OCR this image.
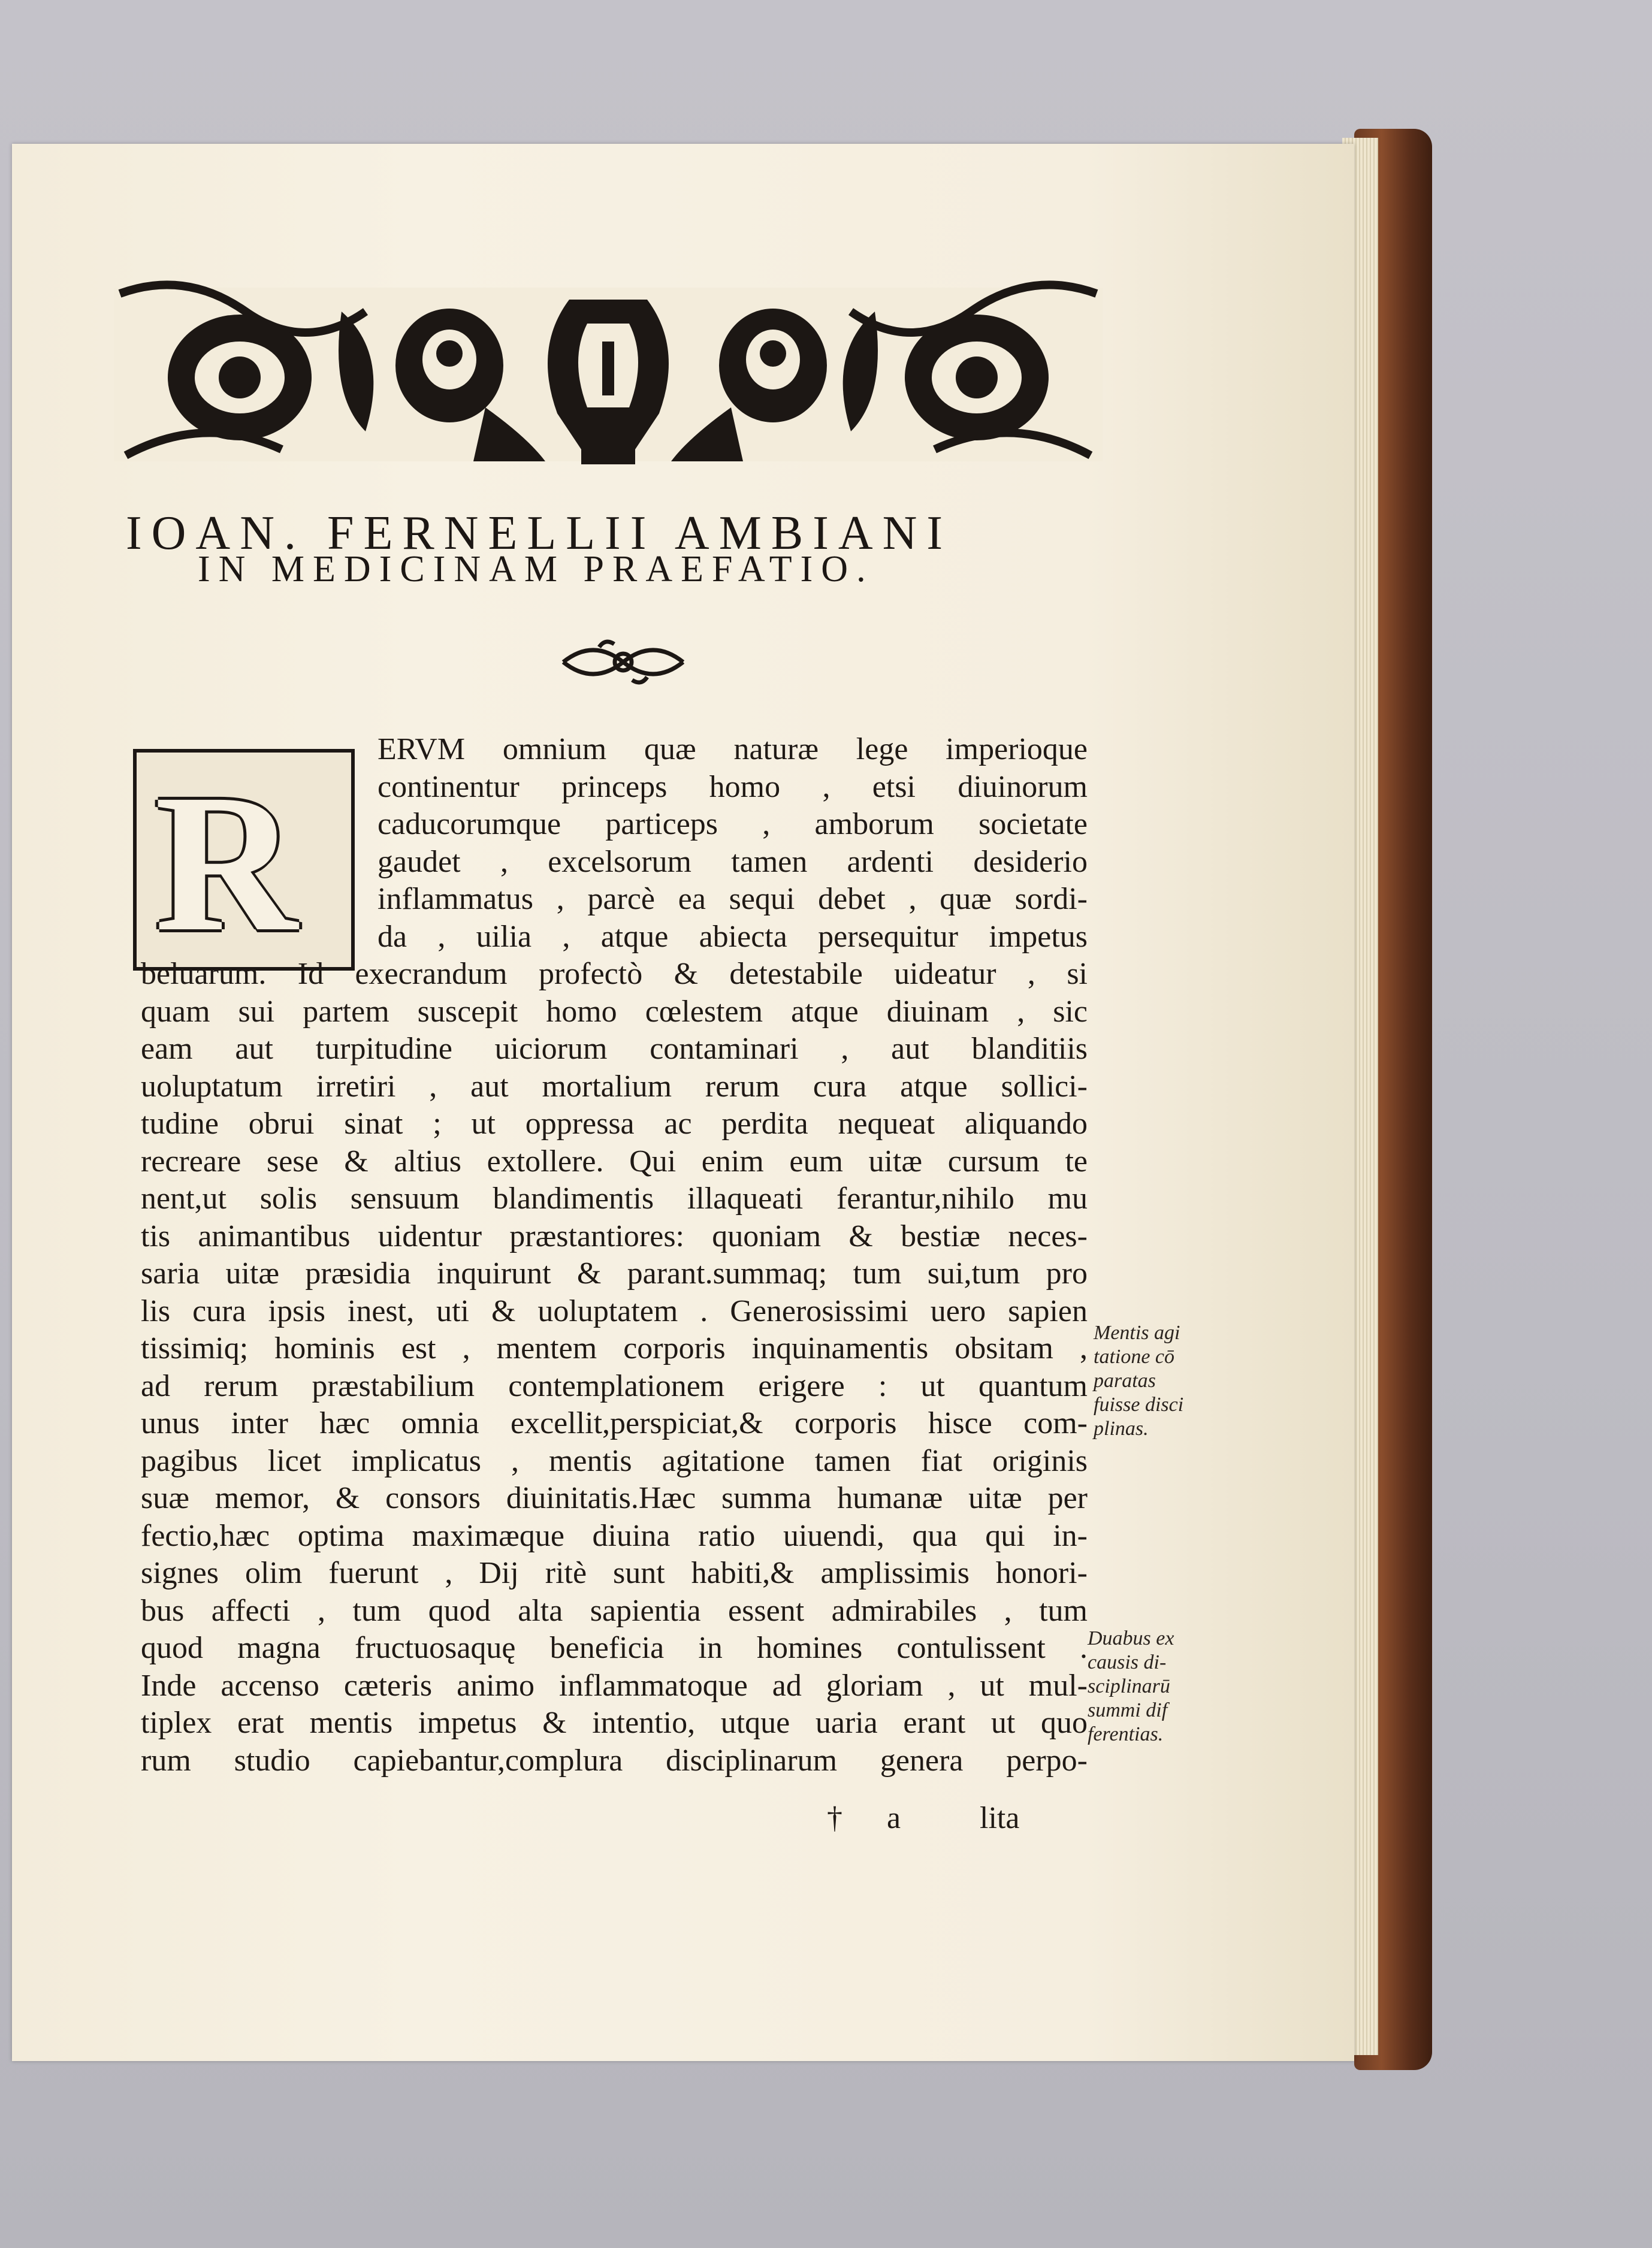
IOAN. FERNELLII AMBIANI
IN MEDICINAM PRAEFATIO.
R
ERVM omnium quæ naturæ lege imperioque
continentur princeps homo , etsi diuinorum
caducorumque particeps , amborum societate
gaudet , excelsorum tamen ardenti desiderio
inflammatus , parcè ea sequi debet , quæ sordi-
da , uilia , atque abiecta persequitur impetus
beluarum. Id execrandum profectò & detestabile uideatur , si
quam sui partem suscepit homo cœlestem atque diuinam , sic
eam aut turpitudine uiciorum contaminari , aut blanditiis
uoluptatum irretiri , aut mortalium rerum cura atque sollici-
tudine obrui sinat ; ut oppressa ac perdita nequeat aliquando
recreare sese & altius extollere. Qui enim eum uitæ cursum te
nent,ut solis sensuum blandimentis illaqueati ferantur,nihilo mu
tis animantibus uidentur præstantiores: quoniam & bestiæ neces-
saria uitæ præsidia inquirunt & parant.summaq; tum sui,tum pro
lis cura ipsis inest, uti & uoluptatem . Generosissimi uero sapien
tissimiq; hominis est , mentem corporis inquinamentis obsitam ,
ad rerum præstabilium contemplationem erigere : ut quantum
unus inter hæc omnia excellit,perspiciat,& corporis hisce com-
pagibus licet implicatus , mentis agitatione tamen fiat originis
suæ memor, & consors diuinitatis.Hæc summa humanæ uitæ per
fectio,hæc optima maximæque diuina ratio uiuendi, qua qui in-
signes olim fuerunt , Dij ritè sunt habiti,& amplissimis honori-
bus affecti , tum quod alta sapientia essent admirabiles , tum
quod magna fructuosaquę beneficia in homines contulissent .
Inde accenso cæteris animo inflammatoque ad gloriam , ut mul-
tiplex erat mentis impetus & intentio, utque uaria erant ut quo
rum studio capiebantur,complura disciplinarum genera perpo-
† a	lita
Mentis agi
tatione cō
paratas
fuisse disci
plinas.
Duabus ex
causis di-
sciplinarū
summi dif
ferentias.
